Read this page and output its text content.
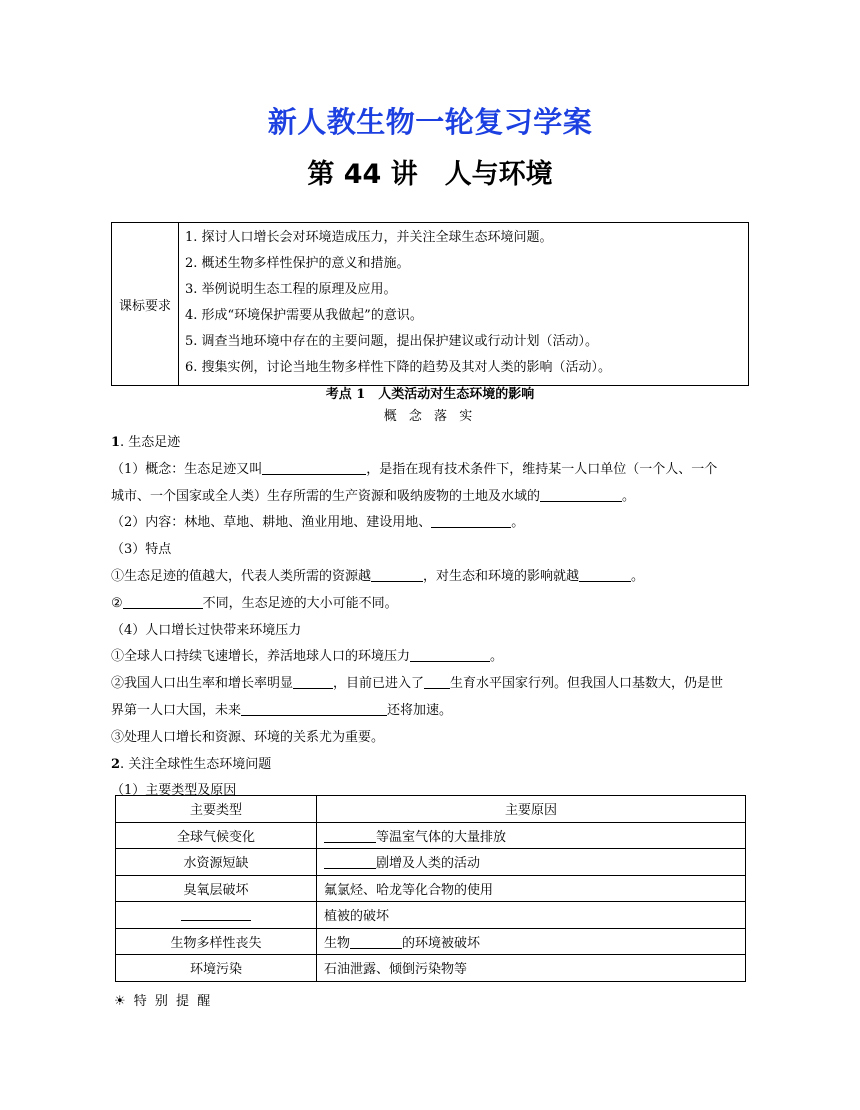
新人教生物一轮复习学案
第 44 讲　人与环境
课标要求	
1. 探讨人口增长会对环境造成压力，并关注全球生态环境问题。
2. 概述生物多样性保护的意义和措施。
3. 举例说明生态工程的原理及应用。
4. 形成“环境保护需要从我做起”的意识。
5. 调查当地环境中存在的主要问题，提出保护建议或行动计划（活动）。
6. 搜集实例，讨论当地生物多样性下降的趋势及其对人类的影响（活动）。
考点 1　人类活动对生态环境的影响
概 念 落 实
1. 生态足迹
（1）概念：生态足迹又叫	，是指在现有技术条件下，维持某一人口单位（一个人、一个
城市、一个国家或全人类）生存所需的生产资源和吸纳废物的土地及水域的	。
（2）内容：林地、草地、耕地、渔业用地、建设用地、	。
（3）特点
①生态足迹的值越大，代表人类所需的资源越	，对生态和环境的影响就越	。
②	不同，生态足迹的大小可能不同。
（4）人口增长过快带来环境压力
①全球人口持续飞速增长，养活地球人口的环境压力	。
②我国人口出生率和增长率明显	，目前已进入了 生育水平国家行列。但我国人口基数大，仍是世
界第一人口大国，未来	还将加速。
③处理人口增长和资源、环境的关系尤为重要。
2. 关注全球性生态环境问题
（1）主要类型及原因
主要类型	主要原因
全球气候变化	等温室气体的大量排放
水资源短缺	剧增及人类的活动
臭氧层破坏	氟氯烃、哈龙等化合物的使用
	植被的破坏
生物多样性丧失	生物 的环境被破坏
环境污染	石油泄露、倾倒污染物等
☀ 特 别 提 醒
